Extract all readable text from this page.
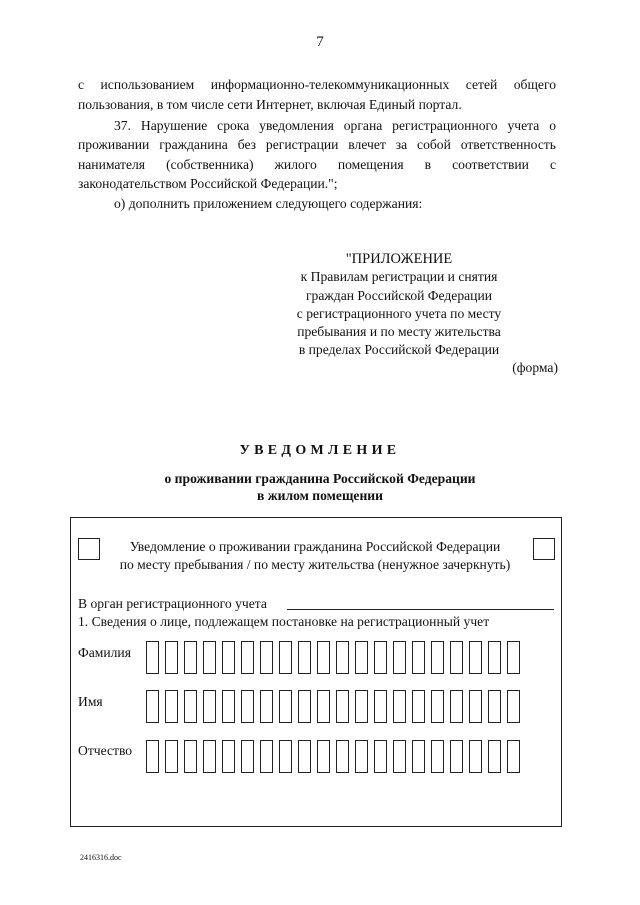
7
с использованием информационно-телекоммуникационных сетей общего
пользования, в том числе сети Интернет, включая Единый портал.
37. Нарушение срока уведомления органа регистрационного учета о
проживании гражданина без регистрации влечет за собой ответственность
нанимателя (собственника) жилого помещения в соответствии с
законодательством Российской Федерации.";
о) дополнить приложением следующего содержания:
"ПРИЛОЖЕНИЕ
к Правилам регистрации и снятия
граждан Российской Федерации
с регистрационного учета по месту
пребывания и по месту жительства
в пределах Российской Федерации
(форма)
УВЕДОМЛЕНИЕ
о проживании гражданина Российской Федерации
в жилом помещении
Уведомление о проживании гражданина Российской Федерации
по месту пребывания / по месту жительства (ненужное зачеркнуть)
В орган регистрационного учета
1. Сведения о лице, подлежащем постановке на регистрационный учет
Фамилия
Имя
Отчество
2416316.doc
